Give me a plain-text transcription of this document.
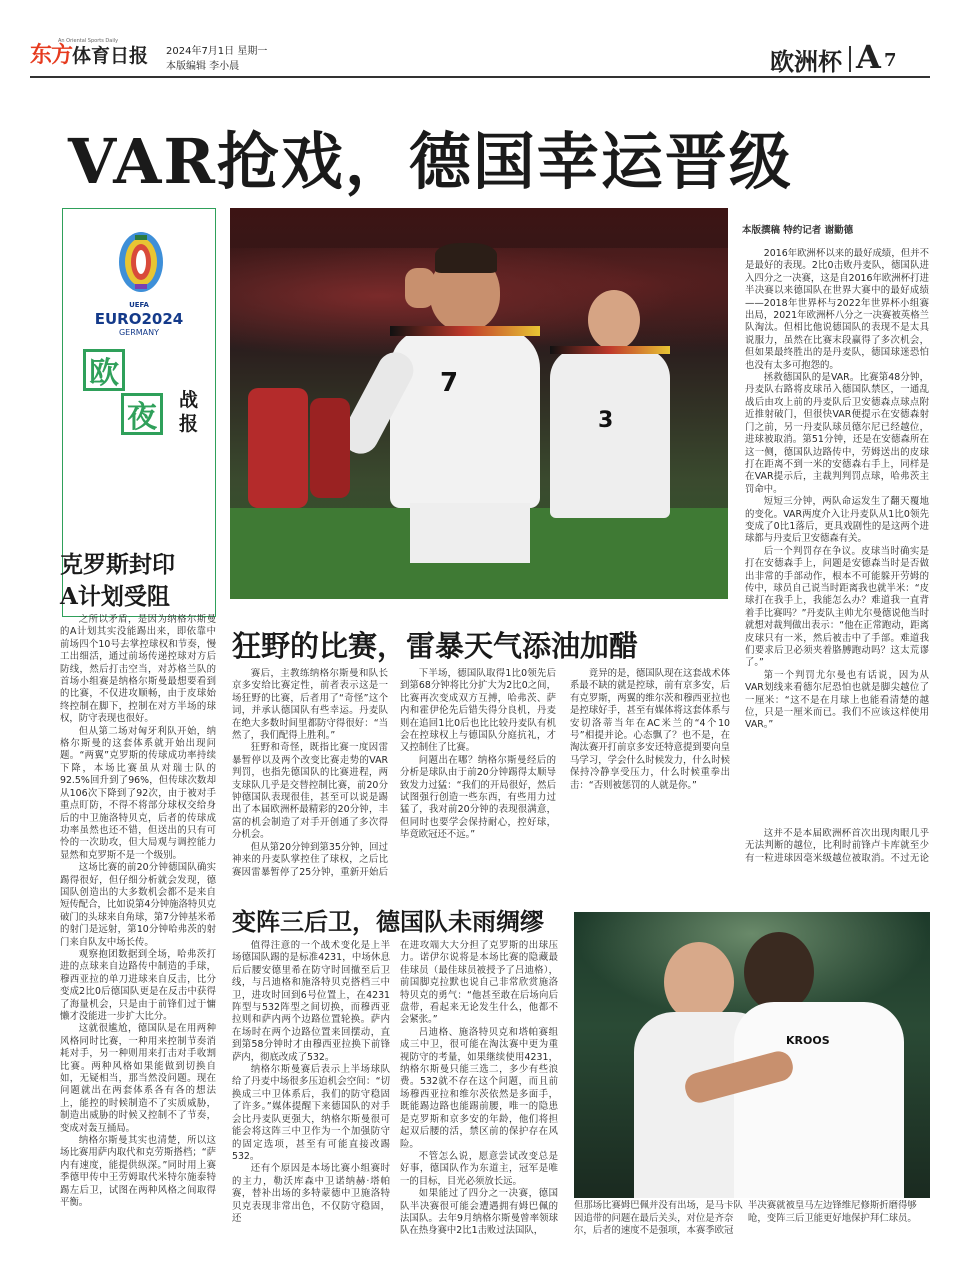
东方体育日报
An Oriental Sports Daily
2024年7月1日 星期一
本版编辑 李小晨	欧洲杯 A 7
VAR抢戏，德国幸运晋级
UEFA
EURO2024
GERMANY
欧
夜	战
报
7
3
本版撰稿 特约记者 谢勤德

2016年欧洲杯以来的最好成绩，但并不是最好的表现。2比0击败丹麦队，德国队进入四分之一决赛，这是自2016年欧洲杯打进半决赛以来德国队在世界大赛中的最好成绩——2018年世界杯与2022年世界杯小组赛出局，2021年欧洲杯八分之一决赛被英格兰队淘汰。但相比他说德国队的表现不是太具说服力，虽然在比赛末段赢得了多次机会，但如果最终胜出的是丹麦队，德国球迷恐怕也没有太多可抱怨的。

拯救德国队的是VAR。比赛第48分钟，丹麦队右路将皮球吊入德国队禁区，一通乱战后由攻上前的丹麦队后卫安德森点球点附近推射破门，但很快VAR便提示在安德森射门之前，另一丹麦队球员德尔尼已经越位，进球被取消。第51分钟，还是在安德森所在这一侧，德国队边路传中，劳姆送出的皮球打在距离不到一米的安德森右手上，同样是在VAR提示后，主裁判判罚点球，哈弗茨主罚命中。

短短三分钟，两队命运发生了翻天覆地的变化。VAR两度介入让丹麦队从1比0领先变成了0比1落后，更具戏剧性的是这两个进球都与丹麦后卫安德森有关。

后一个判罚存在争议。皮球当时确实是打在安德森手上，问题是安德森当时是否做出非常的手部动作，根本不可能躲开劳姆的传中，球员自己说当时距离我也就半米：“皮球打在我手上，我能怎么办？难道我一直背着手比赛吗？”丹麦队主帅尤尔曼德说他当时就想对裁判做出表示：“他在正常跑动，距离皮球只有一米，然后被击中了手部。难道我们要求后卫必须夹着胳膊跑动吗？这太荒谬了。”

第一个判罚尤尔曼也有话说，因为从VAR划线来看德尔尼恐怕也就是脚尖越位了一厘米：“这不是在月球上也能看清楚的越位，只是一厘米而已。我们不应该这样使用VAR。”

这并不是本届欧洲杯首次出现肉眼几乎无法判断的越位，比利时前锋卢卡库就至少有一粒进球因毫米级越位被取消。不过无论

克罗斯封印
A计划受阻

之所以矛盾，是因为纳格尔斯曼的A计划其实没能踢出来，即依靠中前场四个10号去掌控球权和节奏，慢工出细活，通过前场传递控球对方后防线，然后打击空当，对苏格兰队的首场小组赛是纳格尔斯曼最想要看到的比赛，不仅进攻顺畅，由于皮球始终控制在脚下，控制在对方半场的球权，防守表现也很好。

但从第二场对匈牙利队开始，纳格尔斯曼的这套体系就开始出现问题。“两翼”克罗斯的传球成功率持续下降，本场比赛虽从对瑞士队的92.5%回升到了96%，但传球次数却从106次下降到了92次，由于被对手重点盯防，不得不将部分球权交给身后的中卫施洛特贝克，后者的传球成功率虽然也还不错，但送出的只有可怜的一次助攻，但大局观与调控能力显然和克罗斯不是一个级别。

这场比赛的前20分钟德国队确实踢得很好，但仔细分析就会发现，德国队创造出的大多数机会都不是来自短传配合，比如说第4分钟施洛特贝克破门的头球来自角球，第7分钟基米希的射门是远射，第10分钟哈弗茨的射门来自队友中场长传。

观察抱团数据到全场，哈弗茨打进的点球来自边路传中制造的手球，穆西亚拉的单刀进球来自反击，比分变成2比0后德国队更是在反击中获得了海量机会，只是由于前锋们过于慵懒才没能进一步扩大比分。

这就很尴尬，德国队是在用两种风格同时比赛，一种用来控制节奏消耗对手，另一种则用来打击对手收割比赛。两种风格如果能做到切换自如，无疑相当，那当然没问题。现在问题就出在两套体系各有各的想法上，能控的时候制造不了实质威胁，制造出威胁的时候又控制不了节奏，变成对轰互捅局。

纳格尔斯曼其实也清楚，所以这场比赛用萨内取代和克劳斯搭档；“萨内有速度，能提供纵深。”同时用上赛季德甲传中王劳姆取代米特尔施泰特踢左后卫，试图在两种风格之间取得平衡。

狂野的比赛，雷暴天气添油加醋

赛后，主教练纳格尔斯曼和队长京多安给比赛定性，前者表示这是一场狂野的比赛，后者用了“奇怪”这个词，并承认德国队有些幸运。丹麦队在绝大多数时间里都防守得很好：“当然了，我们配得上胜利。”

狂野和奇怪，既指比赛一度因雷暴暂停以及两个改变比赛走势的VAR判罚，也指先德国队的比赛进程，两支球队几乎是交替控制比赛，前20分钟德国队表现很佳，甚至可以说是踢出了本届欧洲杯最精彩的20分钟，丰富的机会制造了对手开创通了多次得分机会。

但从第20分钟到第35分钟，回过神来的丹麦队掌控住了球权，之后比赛因雷暴暂停了25分钟，重新开始后

下半场，德国队取得1比0领先后到第68分钟将比分扩大为2比0之间，比赛再次变成双方互搏，哈弗茨、萨内和霍伊伦先后错失得分良机，丹麦则在追回1比0后也比比较丹麦队有机会在控球权上与德国队分庭抗礼，才又控制住了比赛。

问题出在哪？纳格尔斯曼经后的分析是球队由于前20分钟踢得太顺导致发力过猛：“我们的开局很好，然后试图强行创造一些东西，有些用力过猛了，我对前20分钟的表现很满意，但同时也要学会保持耐心，控好球，毕竟欧冠还不远。”

竟异的是，德国队现在这套战术体系最不缺的就是控球，前有京多安，后有克罗斯，两翼的维尔茨和穆西亚拉也是控球好手，甚至有媒体将这套体系与安切洛蒂当年在AC米兰的“4个10号”相提并论。心态飘了？也不是，在淘汰赛开打前京多安还特意提到要向皇马学习，学会什么时候发力，什么时候保持冷静享受压力，什么时候重拳出击：“否则被惩罚的人就是你。”

变阵三后卫，德国队未雨绸缪

值得注意的一个战术变化是上半场德国队踢的是标准4231，中场休息后后腰安德里希在防守时回撤至后卫线，与吕迪格和施洛特贝克搭档三中卫，进攻时回到6号位置上，在4231阵型与532阵型之间切换，而穆西亚拉则和萨内两个边路位置轮换。萨内在场时在两个边路位置来回摆动，直到第58分钟时才由穆西亚拉换下前锋萨内，彻底改成了532。

纳格尔斯曼赛后表示上半场球队给了丹麦中场很多压迫机会空间：“切换成三中卫体系后，我们的防守稳固了许多。”媒体提醒下来德国队的对手会比丹麦队更强大，纳格尔斯曼很可能会将这阵三中卫作为一个加强防守的固定选项，甚至有可能直接改踢532。

还有个原因是本场比赛小组赛时的主力，勒沃库森中卫诺纳赫·塔帕赛，替补出场的多特蒙德中卫施洛特贝克表现非常出色，不仅防守稳固，还

在进攻端大大分担了克罗斯的出球压力。诺伊尔说将是本场比赛的隐藏最佳球员（最佳球员被授予了吕迪格），前国脚克拉默也说自己非常欣赏施洛特贝克的勇气：“他甚至敢在后场向后盘带，看起来无论发生什么，他都不会紧张。”

吕迪格、施洛特贝克和塔帕赛组成三中卫，很可能在淘汰赛中更为重视防守的考量，如果继续使用4231，纳格尔斯曼只能三选二，多少有些浪费。532就不存在这个问题，而且前场穆西亚拉和维尔茨依然是多面手，既能踢边路也能踢前腰，唯一的隐患是克罗斯和京多安的年龄，他们将担起双后腰的活，禁区前的保护存在风险。

不管怎么说，愿意尝试改变总是好事，德国队作为东道主，冠军是唯一的目标，目光必须放长远。

如果能过了四分之一决赛，德国队半决赛很可能会遭遇拥有姆巴佩的法国队。去年9月纳格尔斯曼曾率领球队在热身赛中2比1击败过法国队，

KROOS
但那场比赛姆巴佩并没有出场，是马卡队因追带的问题在最后关头，对位是齐奈尔，后者的速度不是强项，本赛季欧冠
半决赛就被皇马左边锋维尼修斯折磨得够呛，变阵三后卫能更好地保护拜仁球员。
